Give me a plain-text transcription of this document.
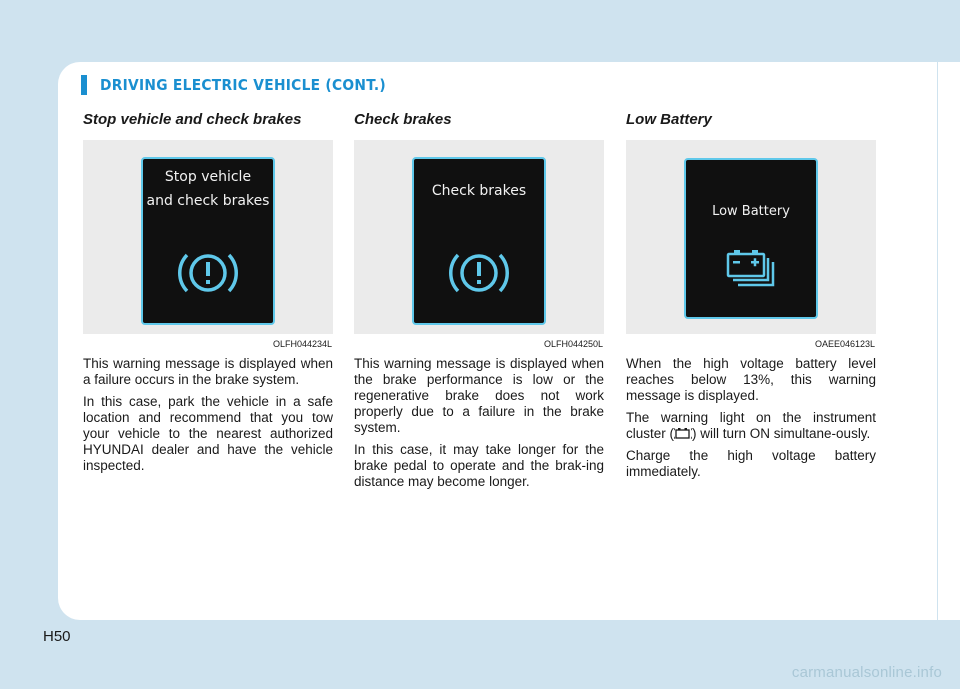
DRIVING ELECTRIC VEHICLE (CONT.)
Stop vehicle and check brakes
Stop vehicle
and check brakes
OLFH044234L

This warning message is displayed when a failure occurs in the brake system.

In this case, park the vehicle in a safe location and recommend that you tow your vehicle to the nearest authorized HYUNDAI dealer and have the vehicle inspected.

Check brakes
Check brakes
OLFH044250L

This warning message is displayed when the brake performance is low or the regenerative brake does not work properly due to a failure in the brake system.

In this case, it may take longer for the brake pedal to operate and the brak-ing distance may become longer.

Low Battery
Low Battery
OAEE046123L

When the high voltage battery level reaches below 13%, this warning message is displayed.

The warning light on the instrument cluster ( ) will turn ON simultane-ously.

Charge the high voltage battery immediately.

H50
carmanualsonline.info
